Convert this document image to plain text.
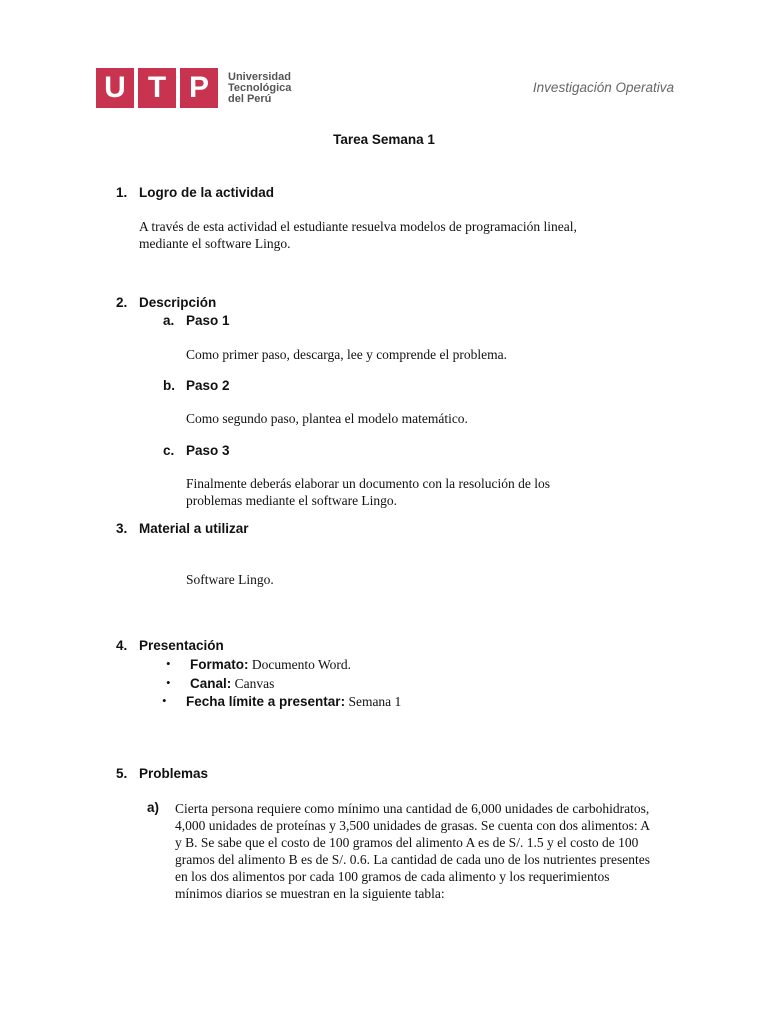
U T P	Universidad
Tecnológica
del Perú
Investigación Operativa
Tarea Semana 1
1. Logro de la actividad
A través de esta actividad el estudiante resuelva modelos de programación lineal,
mediante el software Lingo.
2. Descripción
a. Paso 1
Como primer paso, descarga, lee y comprende el problema.
b. Paso 2
Como segundo paso, plantea el modelo matemático.
c. Paso 3
Finalmente deberás elaborar un documento con la resolución de los
problemas mediante el software Lingo.
3. Material a utilizar
Software Lingo.
4. Presentación
• Formato: Documento Word.
• Canal: Canvas
• Fecha límite a presentar: Semana 1
5. Problemas
a) Cierta persona requiere como mínimo una cantidad de 6,000 unidades de carbohidratos,
4,000 unidades de proteínas y 3,500 unidades de grasas. Se cuenta con dos alimentos: A
y B. Se sabe que el costo de 100 gramos del alimento A es de S/. 1.5 y el costo de 100
gramos del alimento B es de S/. 0.6. La cantidad de cada uno de los nutrientes presentes
en los dos alimentos por cada 100 gramos de cada alimento y los requerimientos
mínimos diarios se muestran en la siguiente tabla:
